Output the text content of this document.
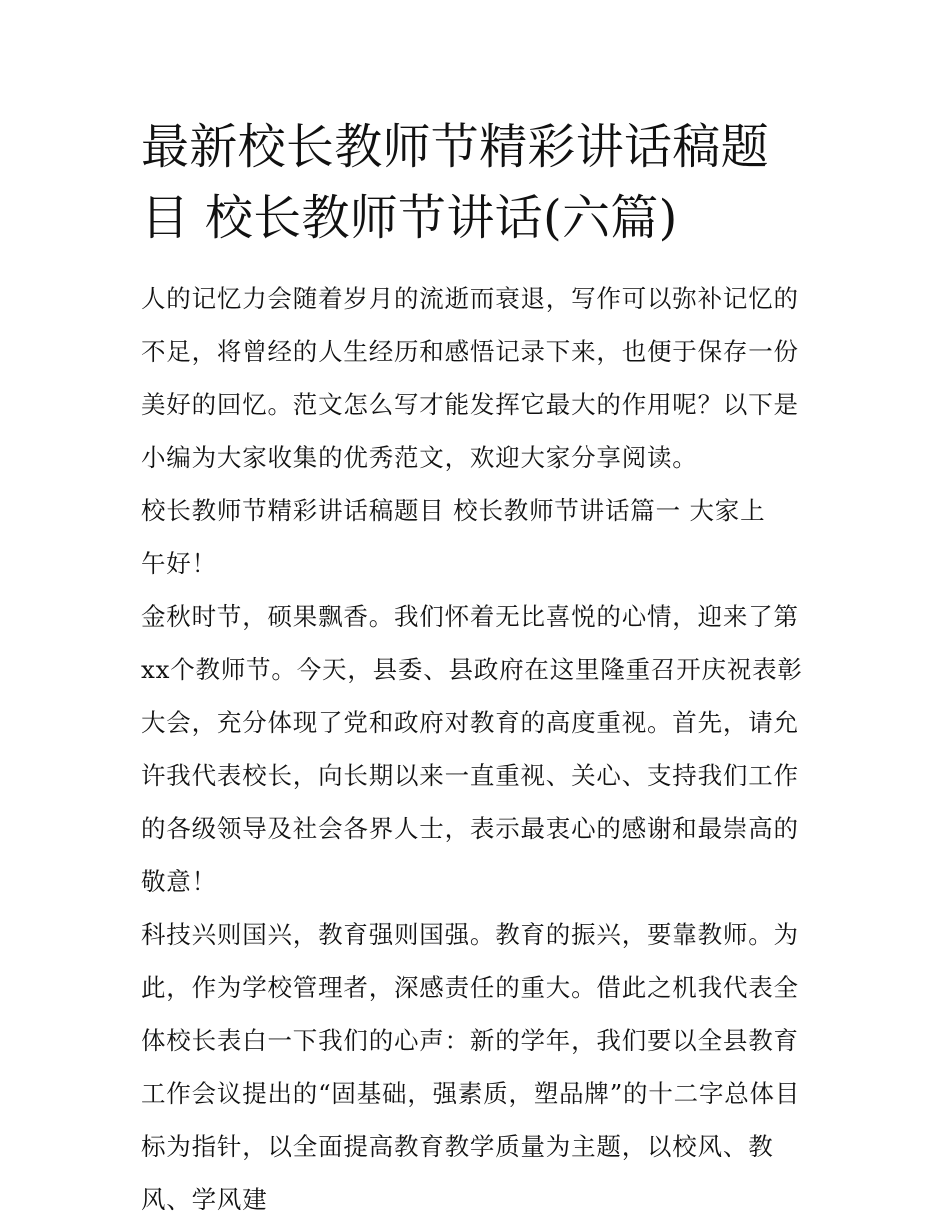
最新校长教师节精彩讲话稿题目 校长教师节讲话(六篇)

人的记忆力会随着岁月的流逝而衰退，写作可以弥补记忆的不足，将曾经的人生经历和感悟记录下来，也便于保存一份美好的回忆。范文怎么写才能发挥它最大的作用呢？以下是小编为大家收集的优秀范文，欢迎大家分享阅读。

校长教师节精彩讲话稿题目 校长教师节讲话篇一 大家上午好！

金秋时节，硕果飘香。我们怀着无比喜悦的心情，迎来了第xx个教师节。今天，县委、县政府在这里隆重召开庆祝表彰大会，充分体现了党和政府对教育的高度重视。首先，请允许我代表校长，向长期以来一直重视、关心、支持我们工作的各级领导及社会各界人士，表示最衷心的感谢和最崇高的敬意！

科技兴则国兴，教育强则国强。教育的振兴，要靠教师。为此，作为学校管理者，深感责任的重大。借此之机我代表全体校长表白一下我们的心声：新的学年，我们要以全县教育工作会议提出的“固基础，强素质，塑品牌”的十二字总体目标为指针，以全面提高教育教学质量为主题，以校风、教风、学风建
